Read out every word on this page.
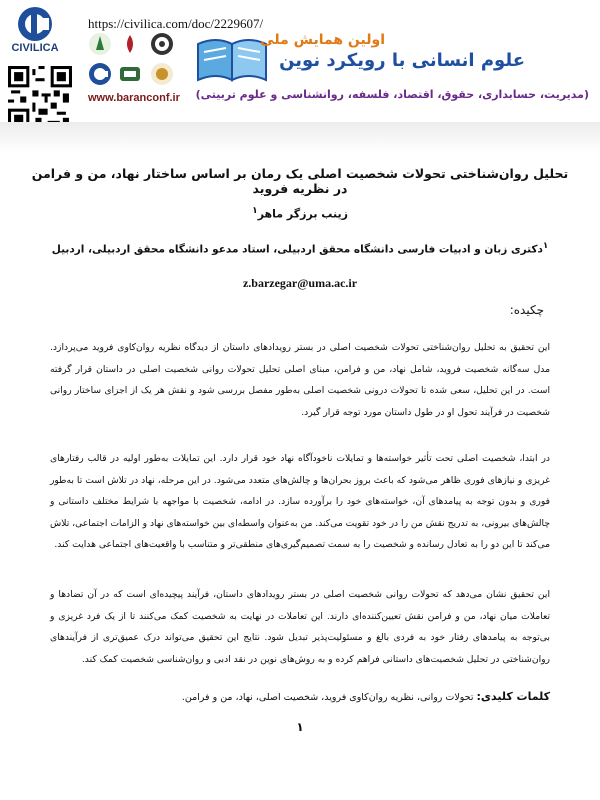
CIVILICA
https://civilica.com/doc/2229607/
www.baranconf.ir
اولین همایش ملی
علوم انسانی با رویکرد نوین
(مدیریت، حسابداری، حقوق، اقتصاد، فلسفه، روانشناسی و علوم تربیتی)
تحلیل روان‌شناختی تحولات شخصیت اصلی یک رمان بر اساس ساختار نهاد، من و فرامن در نظریه فروید
زینب برزگر ماهر$^۱$
$^۱$دکتری زبان و ادبیات فارسی دانشگاه محقق اردبیلی، استاد مدعو دانشگاه محقق اردبیلی، اردبیل
z.barzegar@uma.ac.ir
چکیده:
این تحقیق به تحلیل روان‌شناختی تحولات شخصیت اصلی در بستر رویدادهای داستان از دیدگاه نظریه روان‌کاوی فروید می‌پردازد. مدل سه‌گانه شخصیت فروید، شامل نهاد، من و فرامن، مبنای اصلی تحلیل تحولات روانی شخصیت اصلی در داستان قرار گرفته است. در این تحلیل، سعی شده تا تحولات درونی شخصیت اصلی به‌طور مفصل بررسی شود و نقش هر یک از اجزای ساختار روانی شخصیت در فرآیند تحول او در طول داستان مورد توجه قرار گیرد.
در ابتدا، شخصیت اصلی تحت تأثیر خواسته‌ها و تمایلات ناخودآگاه نهاد خود قرار دارد. این تمایلات به‌طور اولیه در قالب رفتارهای غریزی و نیازهای فوری ظاهر می‌شود که باعث بروز بحران‌ها و چالش‌های متعدد می‌شود. در این مرحله، نهاد در تلاش است تا به‌طور فوری و بدون توجه به پیامدهای آن، خواسته‌های خود را برآورده سازد. در ادامه، شخصیت با مواجهه با شرایط مختلف داستانی و چالش‌های بیرونی، به تدریج نقش من را در خود تقویت می‌کند. من به‌عنوان واسطه‌ای بین خواسته‌های نهاد و الزامات اجتماعی، تلاش می‌کند تا این دو را به تعادل رسانده و شخصیت را به سمت تصمیم‌گیری‌های منطقی‌تر و متناسب با واقعیت‌های اجتماعی هدایت کند.
این تحقیق نشان می‌دهد که تحولات روانی شخصیت اصلی در بستر رویدادهای داستان، فرآیند پیچیده‌ای است که در آن تضادها و تعاملات میان نهاد، من و فرامن نقش تعیین‌کننده‌ای دارند. این تعاملات در نهایت به شخصیت کمک می‌کنند تا از یک فرد غریزی و بی‌توجه به پیامدهای رفتار خود به فردی بالغ و مسئولیت‌پذیر تبدیل شود. نتایج این تحقیق می‌تواند درک عمیق‌تری از فرآیندهای روان‌شناختی در تحلیل شخصیت‌های داستانی فراهم کرده و به روش‌های نوین در نقد ادبی و روان‌شناسی شخصیت کمک کند.
کلمات کلیدی: تحولات روانی، نظریه روان‌کاوی فروید، شخصیت اصلی، نهاد، من و فرامن.
۱
